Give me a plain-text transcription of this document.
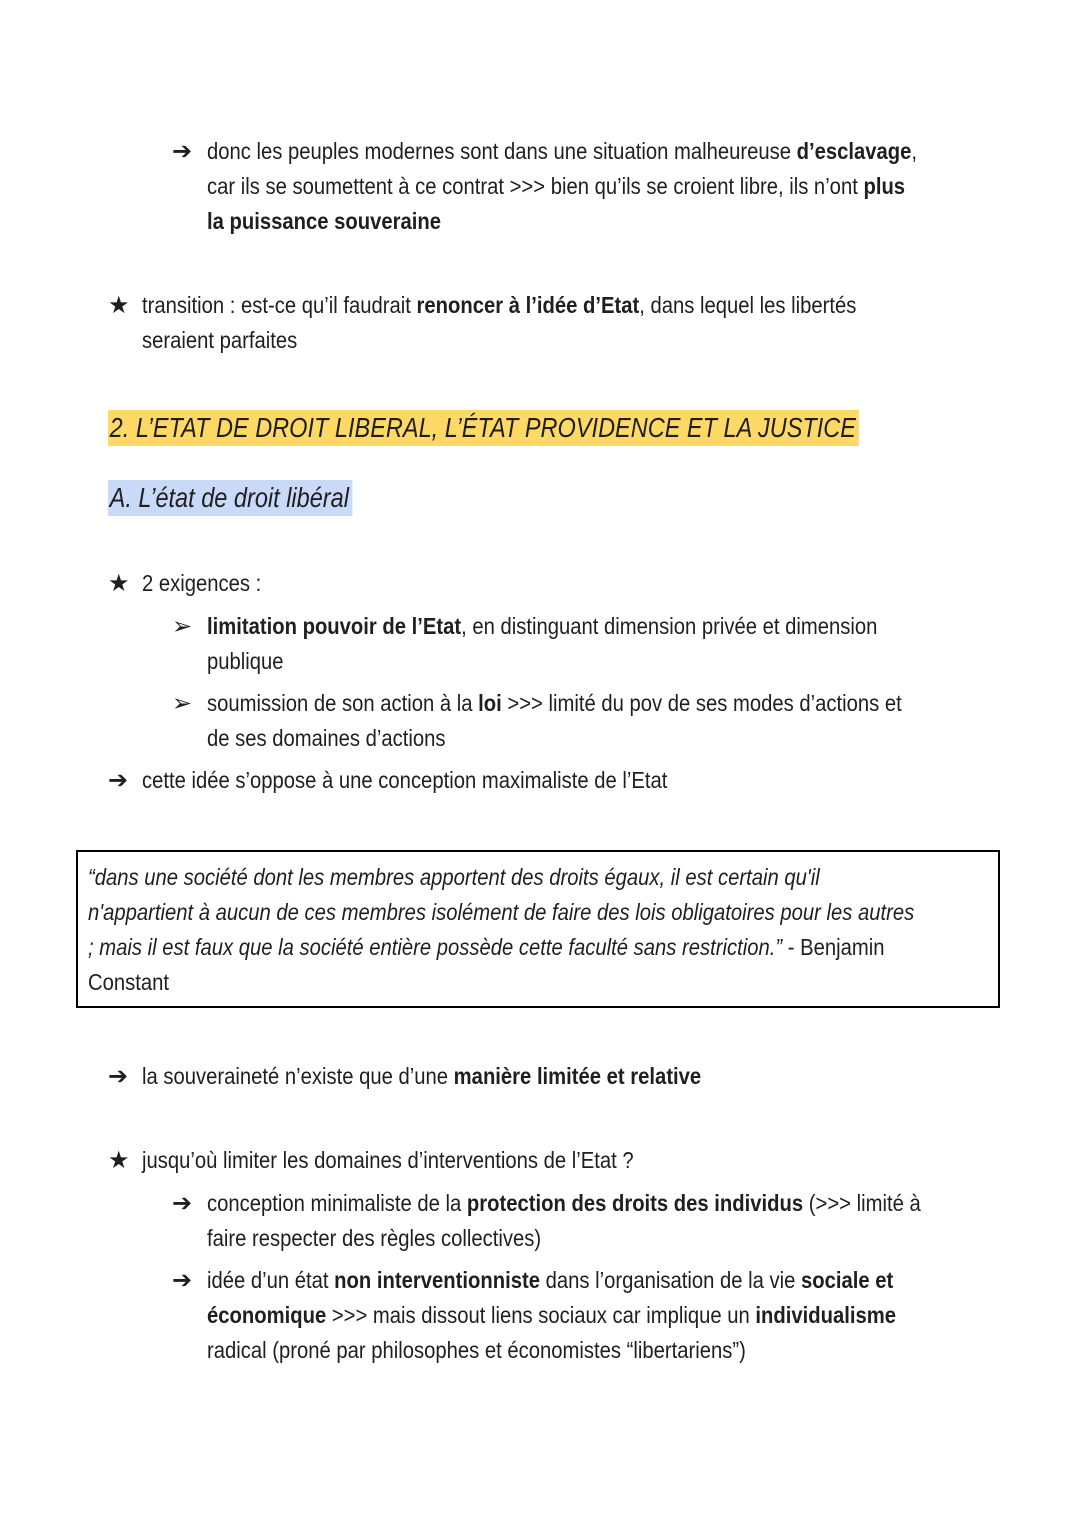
➔ donc les peuples modernes sont dans une situation malheureuse d’esclavage,
car ils se soumettent à ce contrat >>> bien qu’ils se croient libre, ils n’ont plus
la puissance souveraine
★ transition : est-ce qu’il faudrait renoncer à l’idée d’Etat, dans lequel les libertés
seraient parfaites
2. L’ETAT DE DROIT LIBERAL, L’ÉTAT PROVIDENCE ET LA JUSTICE
A. L’état de droit libéral
★ 2 exigences :
➢ limitation pouvoir de l’Etat, en distinguant dimension privée et dimension
publique
➢ soumission de son action à la loi >>> limité du pov de ses modes d’actions et
de ses domaines d’actions
➔ cette idée s’oppose à une conception maximaliste de l’Etat
“dans une société dont les membres apportent des droits égaux, il est certain qu'il
n'appartient à aucun de ces membres isolément de faire des lois obligatoires pour les autres
; mais il est faux que la société entière possède cette faculté sans restriction.” - Benjamin
Constant
➔ la souveraineté n’existe que d’une manière limitée et relative
★ jusqu’où limiter les domaines d’interventions de l’Etat ?
➔ conception minimaliste de la protection des droits des individus (>>> limité à
faire respecter des règles collectives)
➔ idée d’un état non interventionniste dans l’organisation de la vie sociale et
économique >>> mais dissout liens sociaux car implique un individualisme
radical (proné par philosophes et économistes “libertariens”)
